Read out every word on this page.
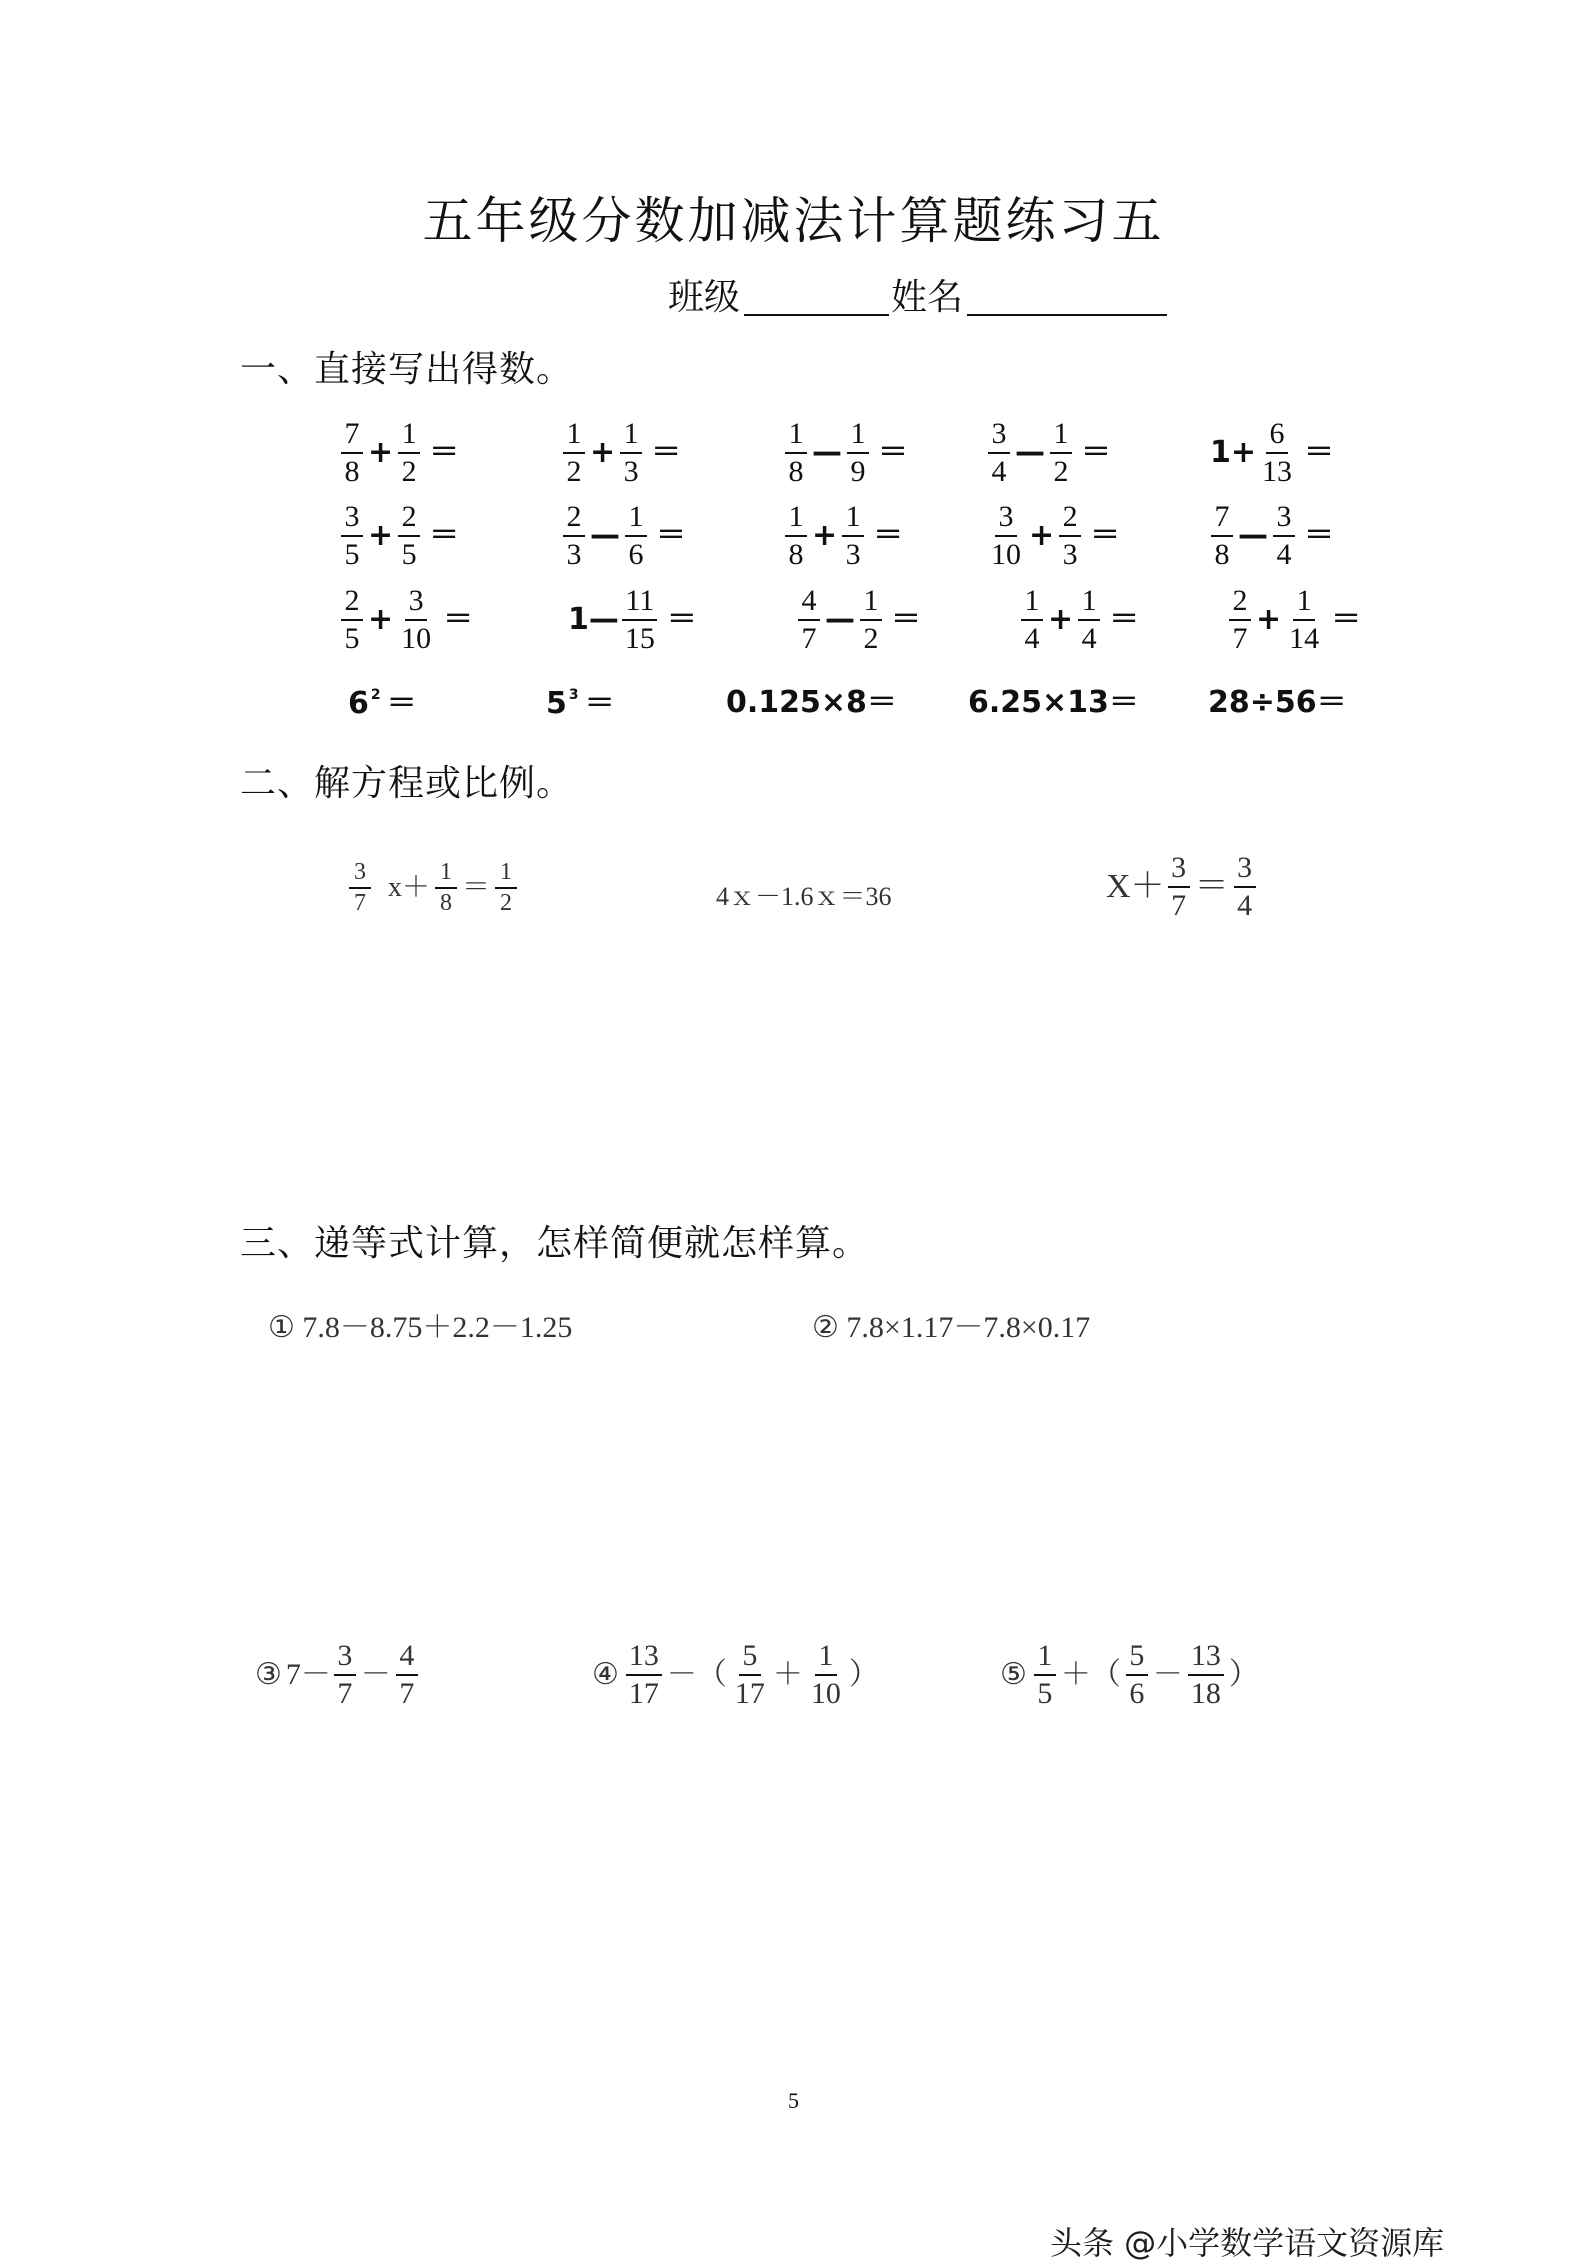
五年级分数加减法计算题练习五
班级	姓名
一、直接写出得数。
$\frac{7}{8} + \frac{1}{2}$ ＝	$\frac{1}{2} + \frac{1}{3}$ ＝	$\frac{1}{8}$ — $\frac{1}{9}$ ＝	$\frac{3}{4}$ — $\frac{1}{2}$ ＝	$1+ \frac{6}{13}$ ＝
$\frac{3}{5} + \frac{2}{5}$ ＝	$\frac{2}{3}$ — $\frac{1}{6}$ ＝	$\frac{1}{8} + \frac{1}{3}$ ＝	$\frac{3}{10} + \frac{2}{3}$ ＝	$\frac{7}{8}$ — $\frac{3}{4}$ ＝
$\frac{2}{5} + \frac{3}{10}$ ＝	1— $\frac{11}{15}$ ＝	$\frac{4}{7}$ — $\frac{1}{2}$ ＝	$\frac{1}{4} + \frac{1}{4}$ ＝	$\frac{2}{7} + \frac{1}{14}$ ＝
6 $^2$ ＝	5 $^3$ ＝	0.125×8＝ 6.25×13＝ 28÷56＝
二、解方程或比例。
$\frac{3}{7} x+ \frac{1}{8} = \frac{1}{2}$	4ｘ－1.6ｘ＝36	$X+ \frac{3}{7} = \frac{3}{4}$
三、递等式计算，怎样简便就怎样算。
① 7.8－8.75＋2.2－1.25	② 7.8×1.17－7.8×0.17
③ $7- \frac{3}{7} - \frac{4}{7}$	④ $\frac{13}{17}$ －（ $\frac{5}{17} + \frac{1}{10}$ ）	⑤ $\frac{1}{5}$ ＋（ $\frac{5}{6} - \frac{13}{18}$ ）
5
头条 @小学数学语文资源库
